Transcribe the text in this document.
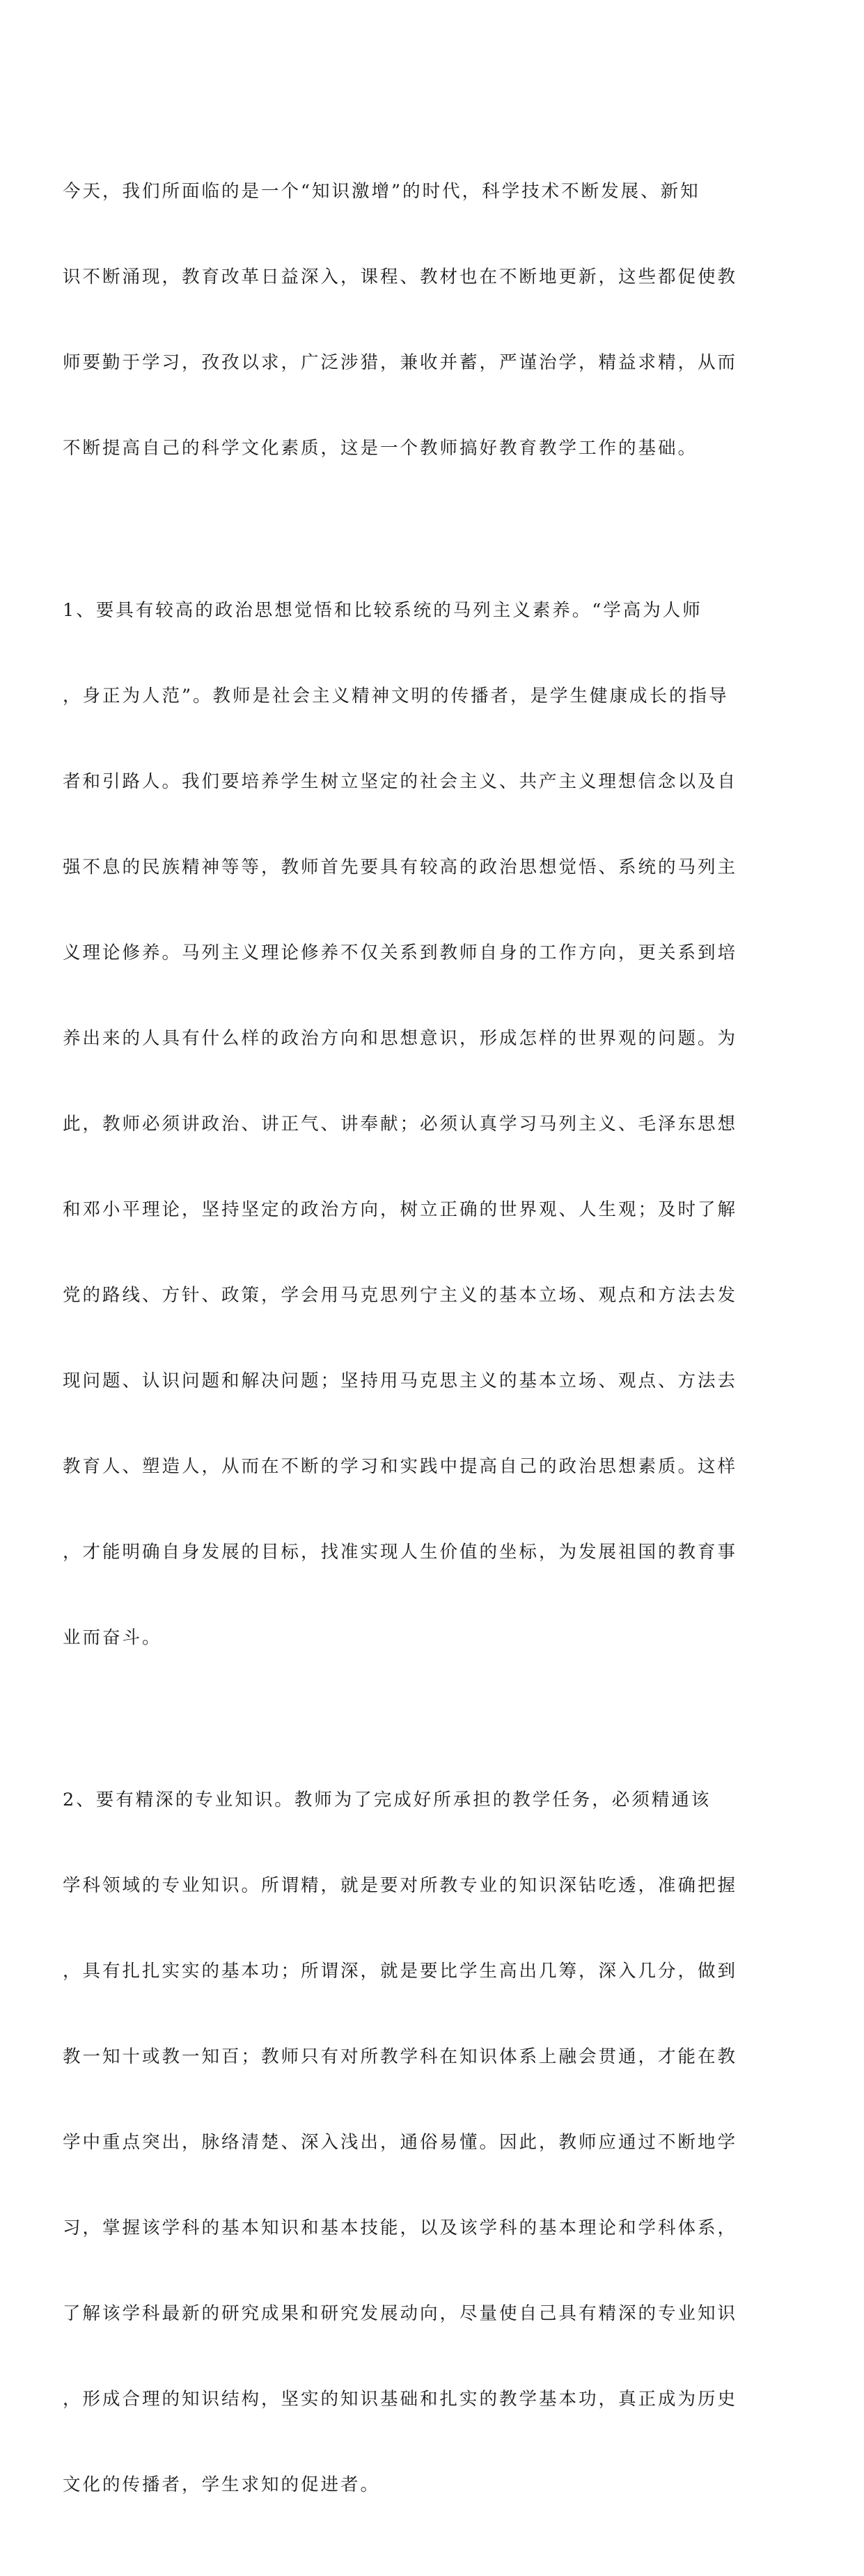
今天，我们所面临的是一个“知识激增”的时代，科学技术不断发展、新知

识不断涌现，教育改革日益深入，课程、教材也在不断地更新，这些都促使教

师要勤于学习，孜孜以求，广泛涉猎，兼收并蓄，严谨治学，精益求精，从而

不断提高自己的科学文化素质，这是一个教师搞好教育教学工作的基础。

1、要具有较高的政治思想觉悟和比较系统的马列主义素养。“学高为人师

，身正为人范”。教师是社会主义精神文明的传播者，是学生健康成长的指导

者和引路人。我们要培养学生树立坚定的社会主义、共产主义理想信念以及自

强不息的民族精神等等，教师首先要具有较高的政治思想觉悟、系统的马列主

义理论修养。马列主义理论修养不仅关系到教师自身的工作方向，更关系到培

养出来的人具有什么样的政治方向和思想意识，形成怎样的世界观的问题。为

此，教师必须讲政治、讲正气、讲奉献；必须认真学习马列主义、毛泽东思想

和邓小平理论，坚持坚定的政治方向，树立正确的世界观、人生观；及时了解

党的路线、方针、政策，学会用马克思列宁主义的基本立场、观点和方法去发

现问题、认识问题和解决问题；坚持用马克思主义的基本立场、观点、方法去

教育人、塑造人，从而在不断的学习和实践中提高自己的政治思想素质。这样

，才能明确自身发展的目标，找准实现人生价值的坐标，为发展祖国的教育事

业而奋斗。

2、要有精深的专业知识。教师为了完成好所承担的教学任务，必须精通该

学科领域的专业知识。所谓精，就是要对所教专业的知识深钻吃透，准确把握

，具有扎扎实实的基本功；所谓深，就是要比学生高出几筹，深入几分，做到

教一知十或教一知百；教师只有对所教学科在知识体系上融会贯通，才能在教

学中重点突出，脉络清楚、深入浅出，通俗易懂。因此，教师应通过不断地学

习，掌握该学科的基本知识和基本技能，以及该学科的基本理论和学科体系，

了解该学科最新的研究成果和研究发展动向，尽量使自己具有精深的专业知识

，形成合理的知识结构，坚实的知识基础和扎实的教学基本功，真正成为历史

文化的传播者，学生求知的促进者。
